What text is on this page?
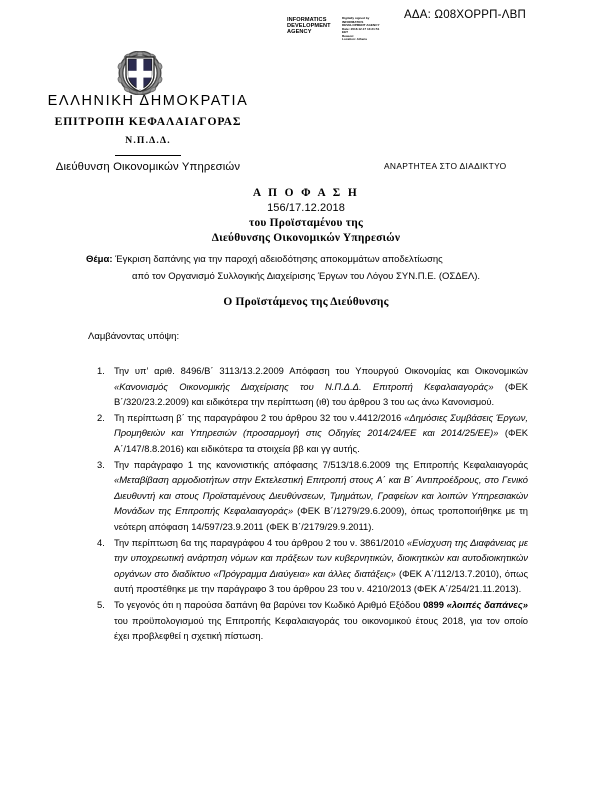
INFORMATICS DEVELOPMENT AGENCY
Digitally signed by
INFORMATICS
DEVELOPMENT AGENCY
Date: 2018.12.17 13:21:51
EET
Reason:
Location: Athens
ΑΔΑ: Ω08ΧΟΡΡΠ-ΛΒΠ
ΕΛΛΗΝΙΚΗ ΔΗΜΟΚΡΑΤΙΑ
ΕΠΙΤΡΟΠΗ ΚΕΦΑΛΑΙΑΓΟΡΑΣ
Ν.Π.Δ.Δ.
Διεύθυνση Οικονομικών Υπηρεσιών	ΑΝΑΡΤΗΤΕΑ ΣΤΟ ΔΙΑΔΙΚΤΥΟ
Α Π Ο Φ Α Σ Η
156/17.12.2018
του Προϊσταμένου της
Διεύθυνσης Οικονομικών Υπηρεσιών
Θέμα: Έγκριση δαπάνης για την παροχή αδειοδότησης αποκομμάτων αποδελτίωσης
από τον Οργανισμό Συλλογικής Διαχείρισης Έργων του Λόγου ΣΥΝ.Π.Ε. (ΟΣΔΕΛ).
Ο Προϊστάμενος της Διεύθυνσης
Λαμβάνοντας υπόψη:
1. Την υπ’ αριθ. 8496/Β΄ 3113/13.2.2009 Απόφαση του Υπουργού Οικονομίας και Οικονομικών «Κανονισμός Οικονομικής Διαχείρισης του Ν.Π.Δ.Δ. Επιτροπή Κεφαλαιαγοράς» (ΦΕΚ Β΄/320/23.2.2009) και ειδικότερα την περίπτωση (ιθ) του άρθρου 3 του ως άνω Κανονισμού.
2. Τη περίπτωση β΄ της παραγράφου 2 του άρθρου 32 του ν.4412/2016 «Δημόσιες Συμβάσεις Έργων, Προμηθειών και Υπηρεσιών (προσαρμογή στις Οδηγίες 2014/24/ΕΕ και 2014/25/ΕΕ)» (ΦΕΚ Α΄/147/8.8.2016) και ειδικότερα τα στοιχεία ββ και γγ αυτής.
3. Την παράγραφο 1 της κανονιστικής απόφασης 7/513/18.6.2009 της Επιτροπής Κεφαλαιαγοράς «Μεταβίβαση αρμοδιοτήτων στην Εκτελεστική Επιτροπή στους Α΄ και Β΄ Αντιπροέδρους, στο Γενικό Διευθυντή και στους Προϊσταμένους Διευθύνσεων, Τμημάτων, Γραφείων και λοιπών Υπηρεσιακών Μονάδων της Επιτροπής Κεφαλαιαγοράς» (ΦΕΚ Β΄/1279/29.6.2009), όπως τροποποιήθηκε με τη νεότερη απόφαση 14/597/23.9.2011 (ΦΕΚ Β΄/2179/29.9.2011).
4. Την περίπτωση 6α της παραγράφου 4 του άρθρου 2 του ν. 3861/2010 «Ενίσχυση της Διαφάνειας με την υποχρεωτική ανάρτηση νόμων και πράξεων των κυβερνητικών, διοικητικών και αυτοδιοικητικών οργάνων στο διαδίκτυο «Πρόγραμμα Διαύγεια» και άλλες διατάξεις» (ΦΕΚ Α΄/112/13.7.2010), όπως αυτή προστέθηκε με την παράγραφο 3 του άρθρου 23 του ν. 4210/2013 (ΦΕΚ Α΄/254/21.11.2013).
5. Το γεγονός ότι η παρούσα δαπάνη θα βαρύνει τον Κωδικό Αριθμό Εξόδου 0899 «λοιπές δαπάνες» του προϋπολογισμού της Επιτροπής Κεφαλαιαγοράς του οικονομικού έτους 2018, για τον οποίο έχει προβλεφθεί η σχετική πίστωση.
